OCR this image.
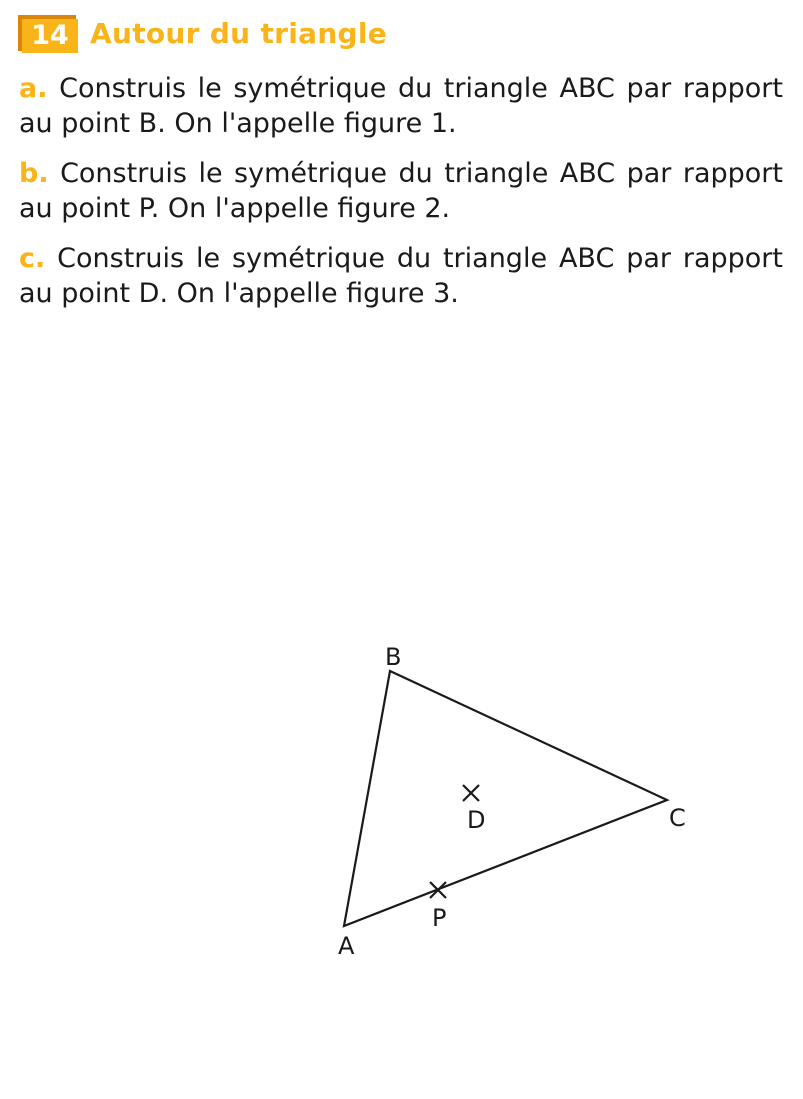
14 Autour du triangle

a. Construis le symétrique du triangle ABC par rapport au point B. On l'appelle figure 1.

b. Construis le symétrique du triangle ABC par rapport au point P. On l'appelle figure 2.

c. Construis le symétrique du triangle ABC par rapport au point D. On l'appelle figure 3.

B
C
A
D
P
